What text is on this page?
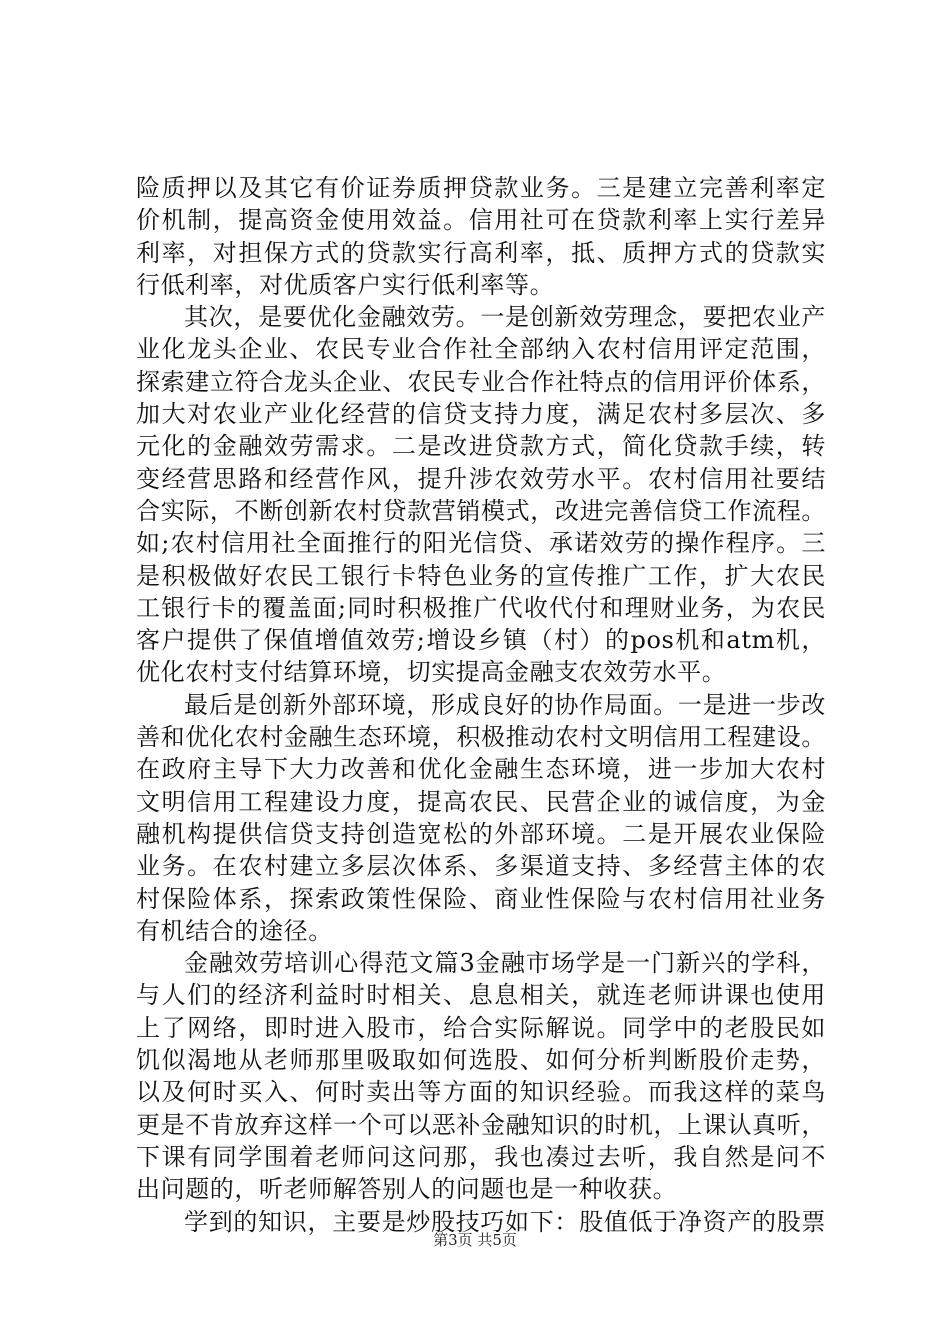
险质押以及其它有价证券质押贷款业务。三是建立完善利率定
价机制，提高资金使用效益。信用社可在贷款利率上实行差异
利率，对担保方式的贷款实行高利率，抵、质押方式的贷款实
行低利率，对优质客户实行低利率等。
其次，是要优化金融效劳。一是创新效劳理念，要把农业产
业化龙头企业、农民专业合作社全部纳入农村信用评定范围，
探索建立符合龙头企业、农民专业合作社特点的信用评价体系，
加大对农业产业化经营的信贷支持力度，满足农村多层次、多
元化的金融效劳需求。二是改进贷款方式，简化贷款手续，转
变经营思路和经营作风，提升涉农效劳水平。农村信用社要结
合实际，不断创新农村贷款营销模式，改进完善信贷工作流程。
如;农村信用社全面推行的阳光信贷、承诺效劳的操作程序。三
是积极做好农民工银行卡特色业务的宣传推广工作，扩大农民
工银行卡的覆盖面;同时积极推广代收代付和理财业务，为农民
客户提供了保值增值效劳;增设乡镇（村）的pos机和atm机，
优化农村支付结算环境，切实提高金融支农效劳水平。
最后是创新外部环境，形成良好的协作局面。一是进一步改
善和优化农村金融生态环境，积极推动农村文明信用工程建设。
在政府主导下大力改善和优化金融生态环境，进一步加大农村
文明信用工程建设力度，提高农民、民营企业的诚信度，为金
融机构提供信贷支持创造宽松的外部环境。二是开展农业保险
业务。在农村建立多层次体系、多渠道支持、多经营主体的农
村保险体系，探索政策性保险、商业性保险与农村信用社业务
有机结合的途径。
金融效劳培训心得范文篇3金融市场学是一门新兴的学科，
与人们的经济利益时时相关、息息相关，就连老师讲课也使用
上了网络，即时进入股市，给合实际解说。同学中的老股民如
饥似渴地从老师那里吸取如何选股、如何分析判断股价走势，
以及何时买入、何时卖出等方面的知识经验。而我这样的菜鸟
更是不肯放弃这样一个可以恶补金融知识的时机，上课认真听，
下课有同学围着老师问这问那，我也凑过去听，我自然是问不
出问题的，听老师解答别人的问题也是一种收获。
学到的知识，主要是炒股技巧如下：股值低于净资产的股票
第3页 共5页
